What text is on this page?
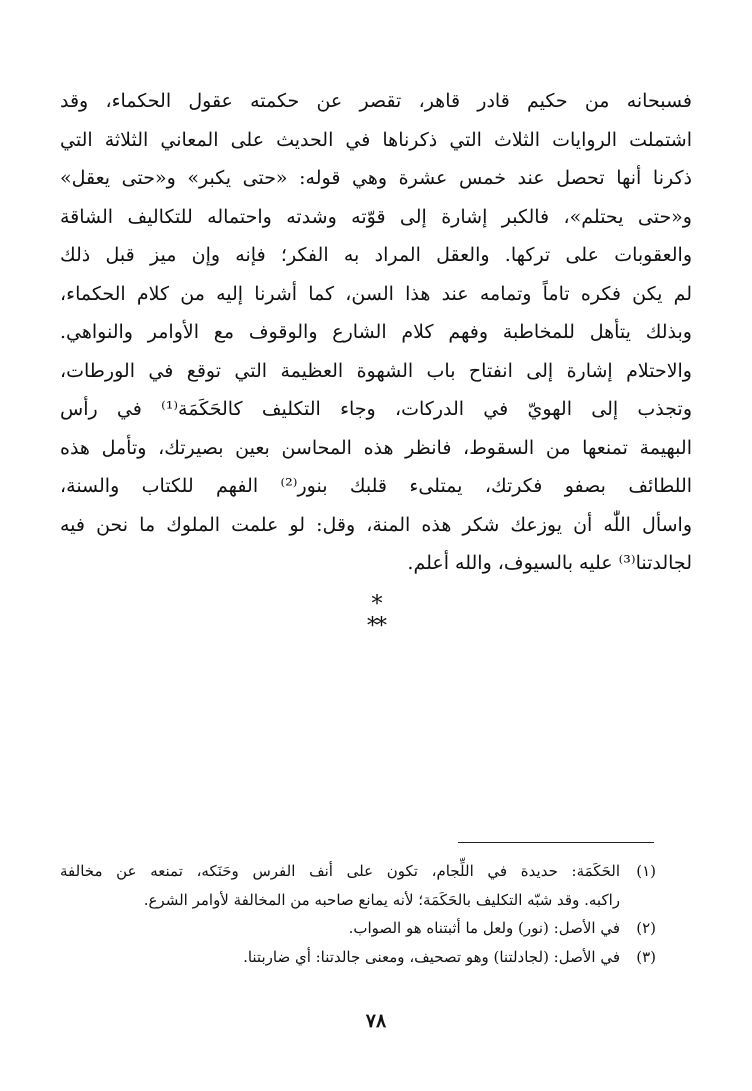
فسبحانه من حكيم قادر قاهر، تقصر عن حكمته عقول الحكماء، وقد
اشتملت الروايات الثلاث التي ذكرناها في الحديث على المعاني الثلاثة التي
ذكرنا أنها تحصل عند خمس عشرة وهي قوله: «حتى يكبر» و«حتى يعقل»
و«حتى يحتلم»، فالكبر إشارة إلى قوّته وشدته واحتماله للتكاليف الشاقة
والعقوبات على تركها. والعقل المراد به الفكر؛ فإنه وإن ميز قبل ذلك
لم يكن فكره تاماً وتمامه عند هذا السن، كما أشرنا إليه من كلام الحكماء،
وبذلك يتأهل للمخاطبة وفهم كلام الشارع والوقوف مع الأوامر والنواهي.
والاحتلام إشارة إلى انفتاح باب الشهوة العظيمة التي توقع في الورطات،
وتجذب إلى الهويّ في الدركات، وجاء التكليف كالحَكَمَة⁽¹⁾ في رأس
البهيمة تمنعها من السقوط، فانظر هذه المحاسن بعين بصيرتك، وتأمل هذه
اللطائف بصفو فكرتك، يمتلىء قلبك بنور⁽²⁾ الفهم للكتاب والسنة،
واسأل اللّٰه أن يوزعك شكر هذه المنة، وقل: لو علمت الملوك ما نحن فيه
لجالدتنا⁽³⁾ عليه بالسيوف، والله أعلم.
*
**
(١)الحَكَمَة: حديدة في اللِّجام، تكون على أنف الفرس وحَنَكه، تمنعه عن مخالفة
راكبه. وقد شبّه التكليف بالحَكَمَة؛ لأنه يمانع صاحبه من المخالفة لأوامر الشرع.
(٢)في الأصل: (نور) ولعل ما أثبتناه هو الصواب.
(٣)في الأصل: (لجادلتنا) وهو تصحيف، ومعنى جالدتنا: أي ضاربتنا.
٧٨
